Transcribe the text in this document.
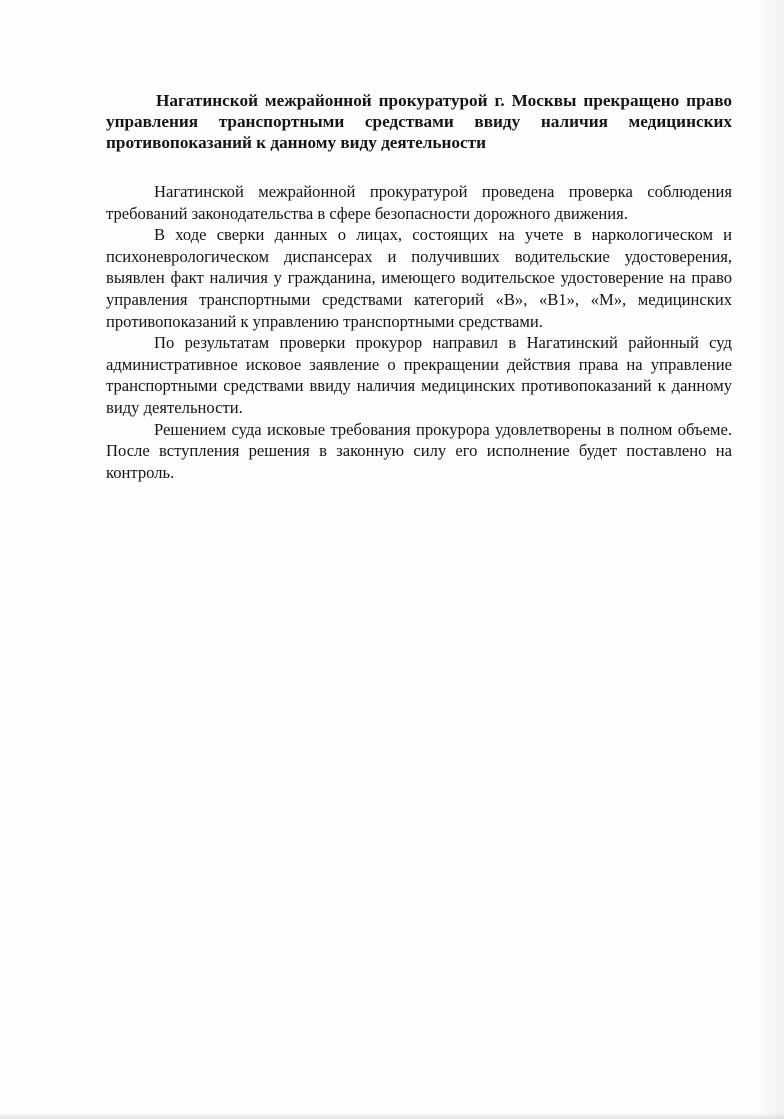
Нагатинской межрайонной прокуратурой г. Москвы прекращено право управления транспортными средствами ввиду наличия медицинских противопоказаний к данному виду деятельности

Нагатинской межрайонной прокуратурой проведена проверка соблюдения требований законодательства в сфере безопасности дорожного движения.

В ходе сверки данных о лицах, состоящих на учете в наркологическом и психоневрологическом диспансерах и получивших водительские удостоверения, выявлен факт наличия у гражданина, имеющего водительское удостоверение на право управления транспортными средствами категорий «В», «В1», «М», медицинских противопоказаний к управлению транспортными средствами.

По результатам проверки прокурор направил в Нагатинский районный суд административное исковое заявление о прекращении действия права на управление транспортными средствами ввиду наличия медицинских противопоказаний к данному виду деятельности.

Решением суда исковые требования прокурора удовлетворены в полном объеме. После вступления решения в законную силу его исполнение будет поставлено на контроль.
